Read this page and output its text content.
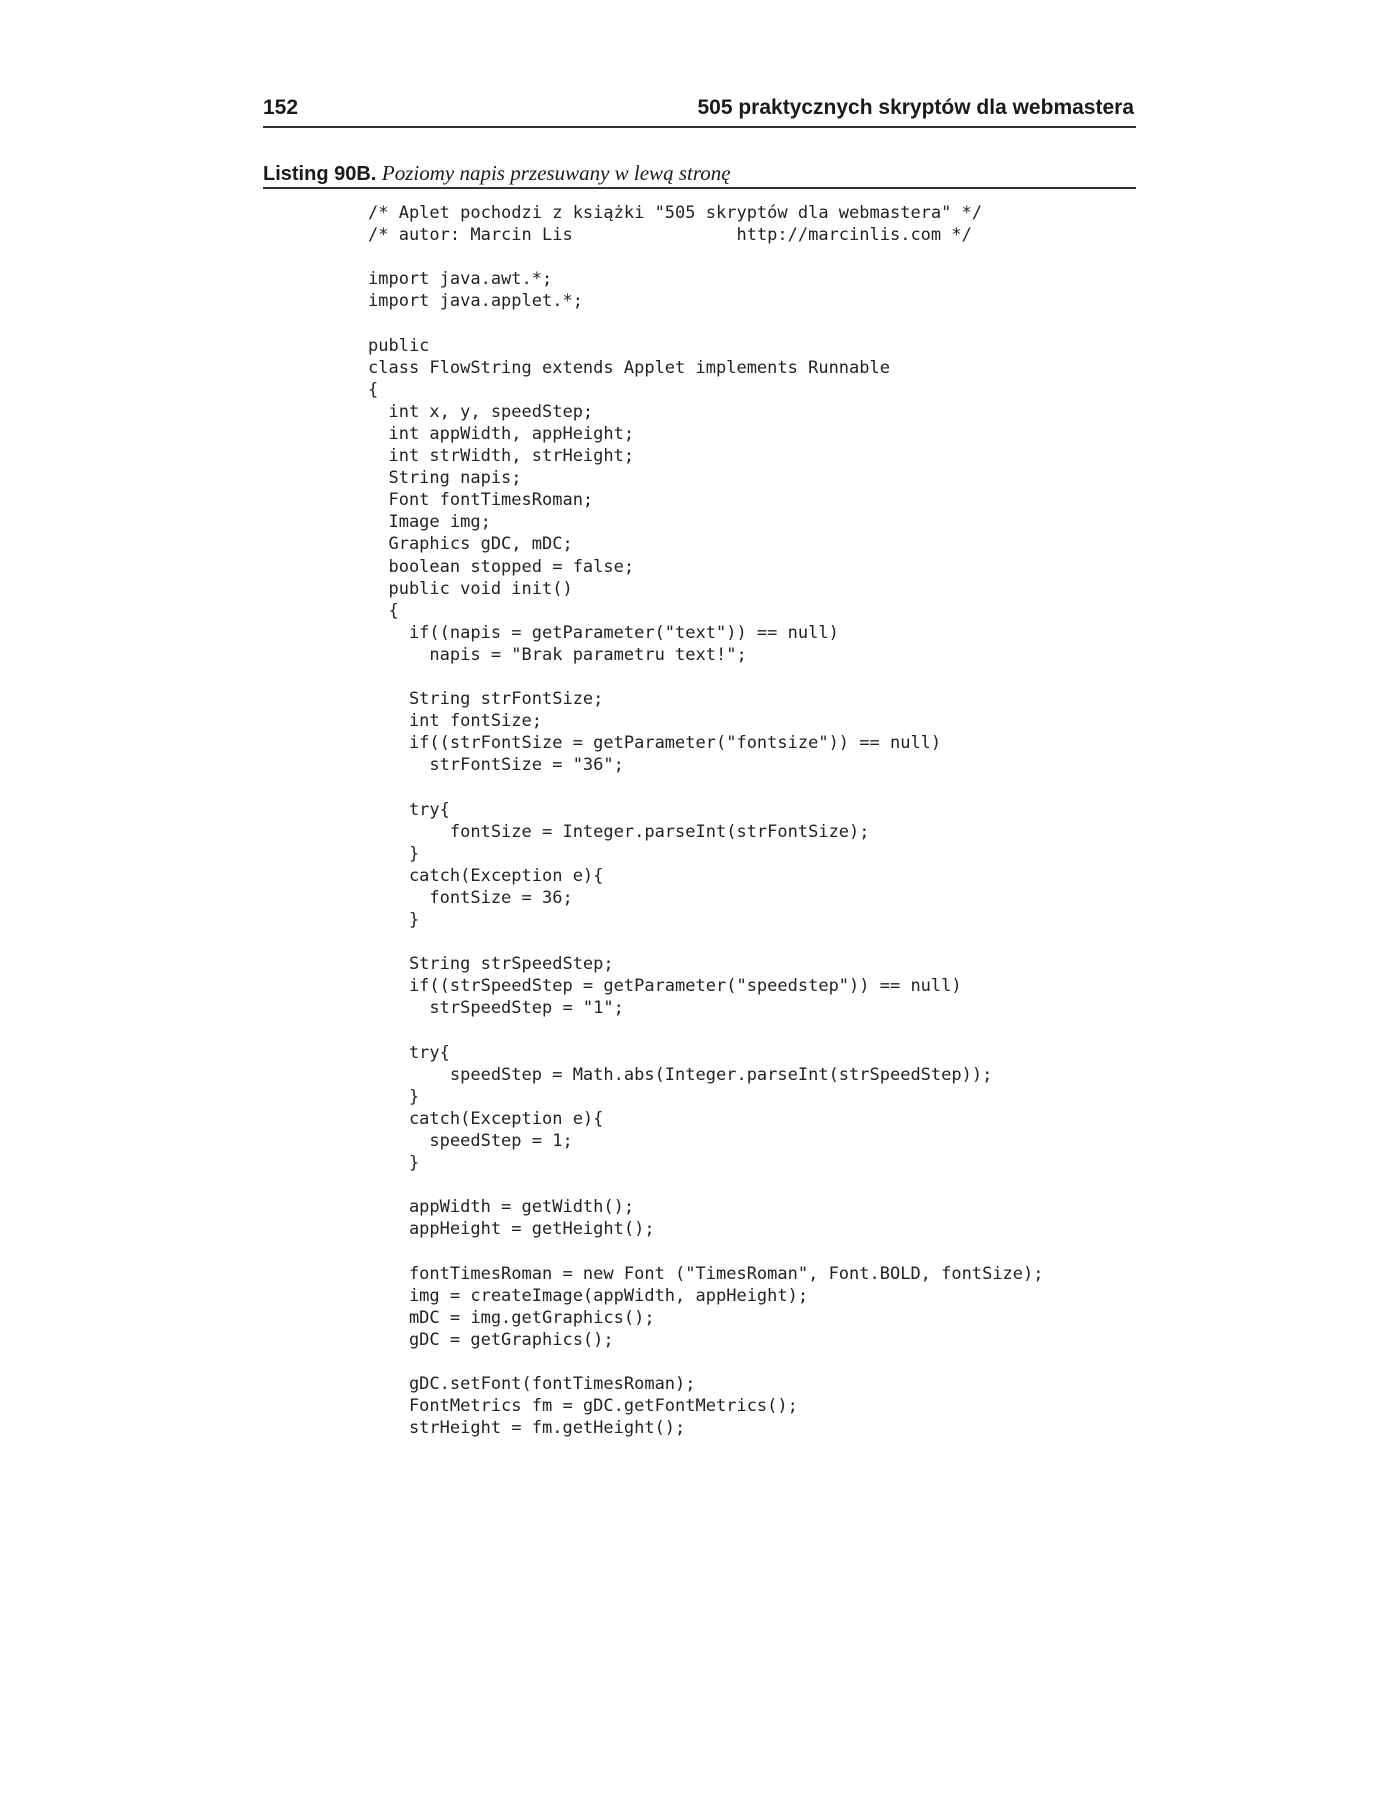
152	505 praktycznych skryptów dla webmastera
Listing 90B. Poziomy napis przesuwany w lewą stronę
/* Aplet pochodzi z książki "505 skryptów dla webmastera" */
/* autor: Marcin Lis                http://marcinlis.com */
import java.awt.*;
import java.applet.*;
public
class FlowString extends Applet implements Runnable
{
int x, y, speedStep;
int appWidth, appHeight;
int strWidth, strHeight;
String napis;
Font fontTimesRoman;
Image img;
Graphics gDC, mDC;
boolean stopped = false;
public void init()
{
if((napis = getParameter("text")) == null)
napis = "Brak parametru text!";
String strFontSize;
int fontSize;
if((strFontSize = getParameter("fontsize")) == null)
strFontSize = "36";
try{
fontSize = Integer.parseInt(strFontSize);
}
catch(Exception e){
fontSize = 36;
}
String strSpeedStep;
if((strSpeedStep = getParameter("speedstep")) == null)
strSpeedStep = "1";
try{
speedStep = Math.abs(Integer.parseInt(strSpeedStep));
}
catch(Exception e){
speedStep = 1;
}
appWidth = getWidth();
appHeight = getHeight();
fontTimesRoman = new Font ("TimesRoman", Font.BOLD, fontSize);
img = createImage(appWidth, appHeight);
mDC = img.getGraphics();
gDC = getGraphics();
gDC.setFont(fontTimesRoman);
FontMetrics fm = gDC.getFontMetrics();
strHeight = fm.getHeight();
